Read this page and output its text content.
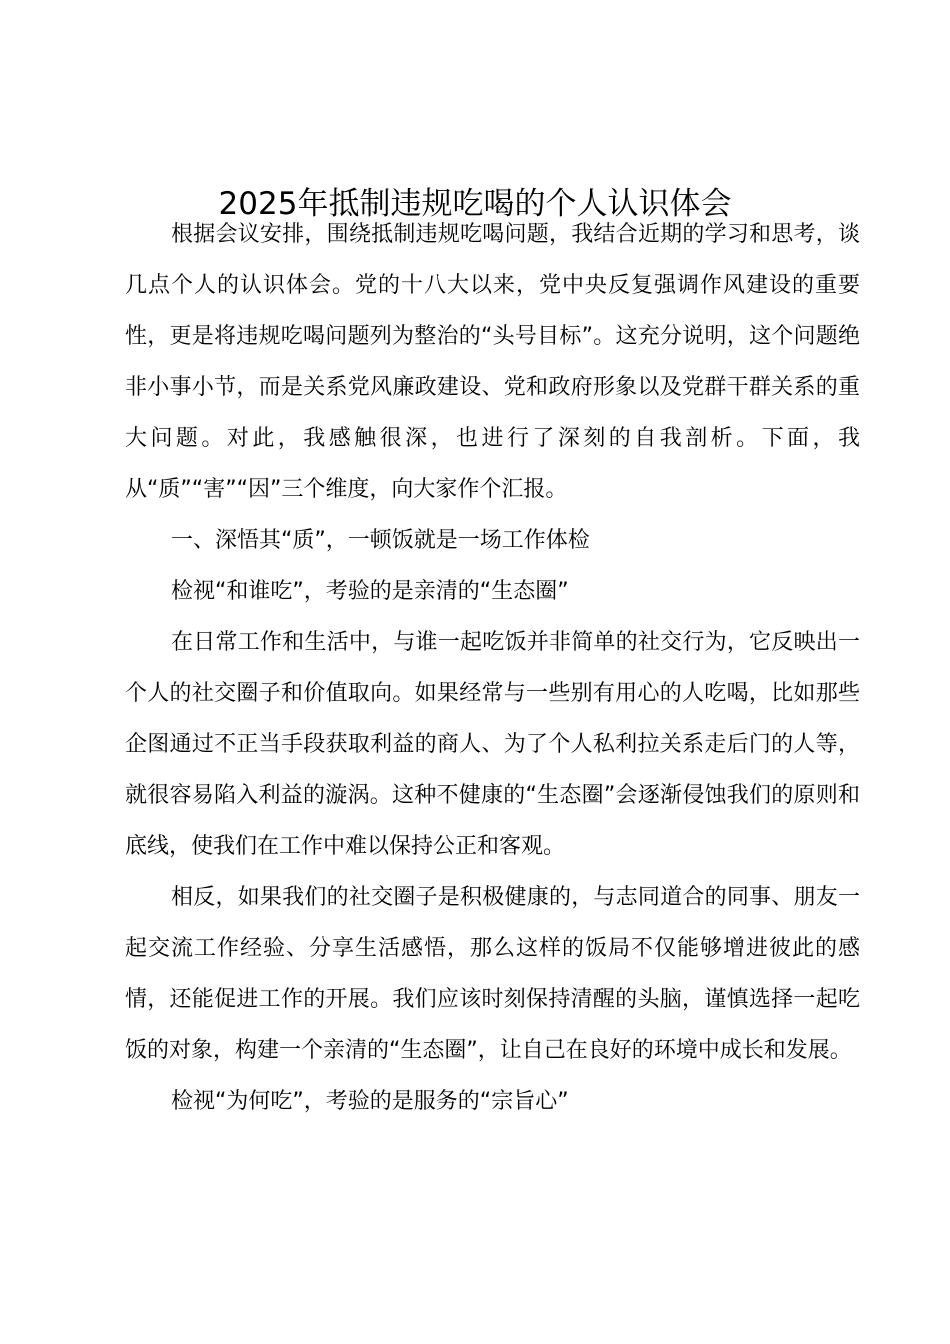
2025年抵制违规吃喝的个人认识体会

根据会议安排，围绕抵制违规吃喝问题，我结合近期的学习和思考，谈几点个人的认识体会。党的十八大以来，党中央反复强调作风建设的重要性，更是将违规吃喝问题列为整治的“头号目标”。这充分说明，这个问题绝非小事小节，而是关系党风廉政建设、党和政府形象以及党群干群关系的重大问题。对此，我感触很深，也进行了深刻的自我剖析。下面，我从“质”“害”“因”三个维度，向大家作个汇报。

一、深悟其“质”，一顿饭就是一场工作体检

检视“和谁吃”，考验的是亲清的“生态圈”

在日常工作和生活中，与谁一起吃饭并非简单的社交行为，它反映出一个人的社交圈子和价值取向。如果经常与一些别有用心的人吃喝，比如那些企图通过不正当手段获取利益的商人、为了个人私利拉关系走后门的人等，就很容易陷入利益的漩涡。这种不健康的“生态圈”会逐渐侵蚀我们的原则和底线，使我们在工作中难以保持公正和客观。

相反，如果我们的社交圈子是积极健康的，与志同道合的同事、朋友一起交流工作经验、分享生活感悟，那么这样的饭局不仅能够增进彼此的感情，还能促进工作的开展。我们应该时刻保持清醒的头脑，谨慎选择一起吃饭的对象，构建一个亲清的“生态圈”，让自己在良好的环境中成长和发展。

检视“为何吃”，考验的是服务的“宗旨心”
